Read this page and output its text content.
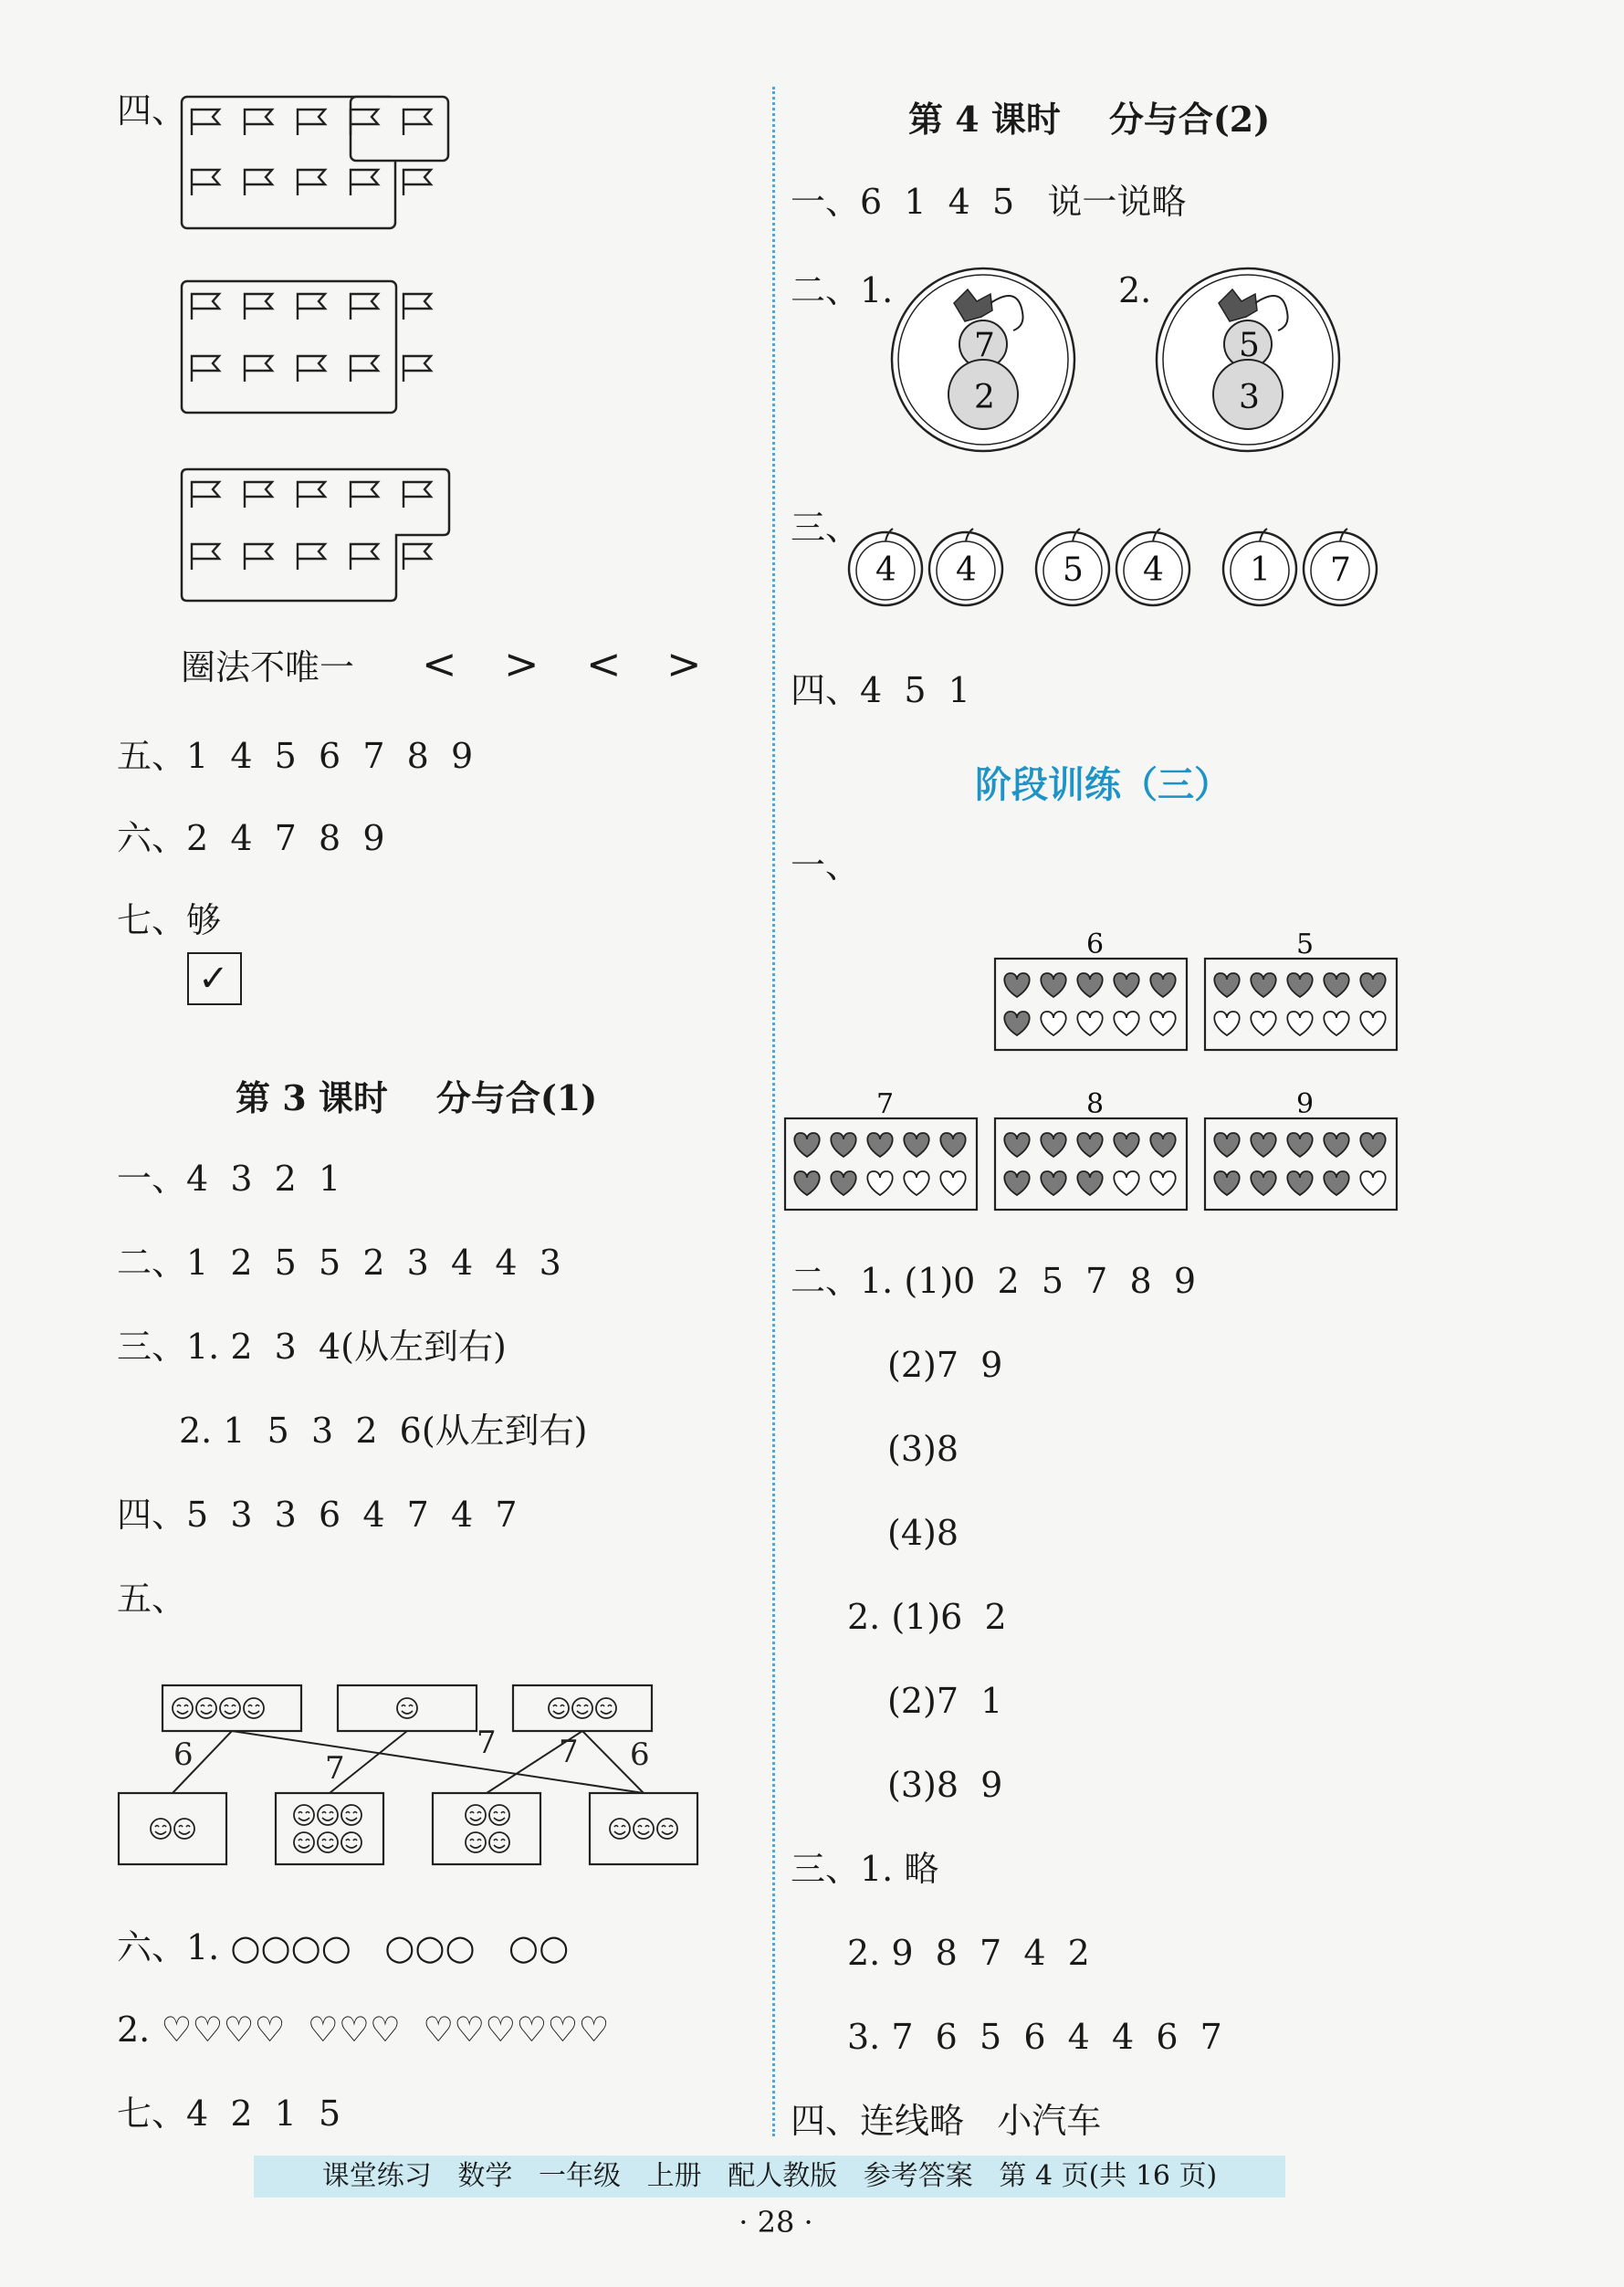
四、
圈法不唯一 < > < >
五、1  4  5  6  7  8  9
六、2  4  7  8  9
七、够
✓
第 3 课时    分与合(1)
一、4  3  2  1
二、1  2  5  5  2  3  4  4  3
三、1. 2  3  4(从左到右)
2. 1  5  3  2  6(从左到右)
四、5  3  3  6  4  7  4  7
五、
6	7
7 7 6
六、1. ○○○○   ○○○   ○○
2. ♡♡♡♡  ♡♡♡  ♡♡♡♡♡♡
七、4  2  1  5
第 4 课时    分与合(2)
一、6  1  4  5   说一说略
二、1.	2.
7
2
5
3
三、
4 4	5 4	1 7
四、4  5  1
阶段训练（三）
一、
6	5
7	8	9
二、1. (1)0  2  5  7  8  9
(2)7  9
(3)8
(4)8
2. (1)6  2
(2)7  1
(3)8  9
三、1. 略
2. 9  8  7  4  2
3. 7  6  5  6  4  4  6  7
四、连线略   小汽车
课堂练习   数学   一年级   上册   配人教版   参考答案   第 4 页(共 16 页)
· 28 ·
